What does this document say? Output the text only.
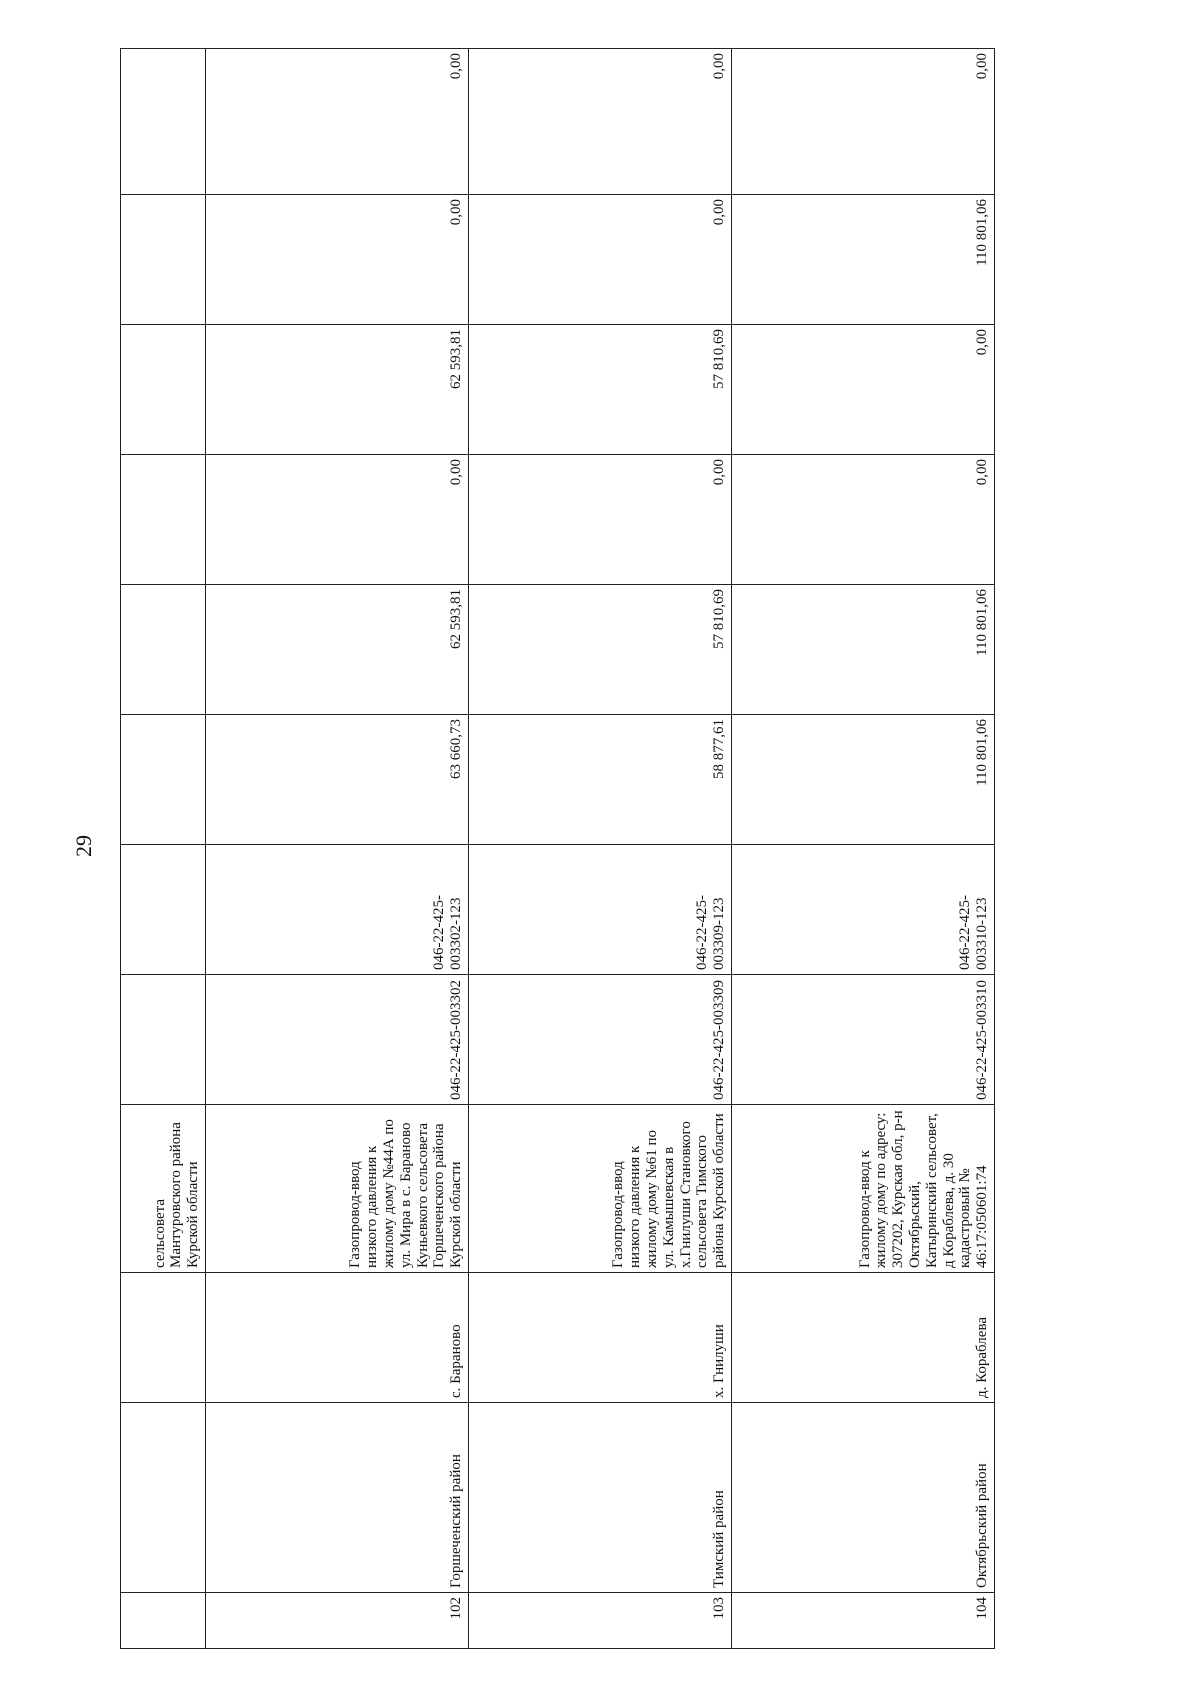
29
			сельсовета Мантуровского района Курской области								
102	Горшеченский район	с. Бараново	Газопровод-ввод низкого давления к жилому дому №44А по ул. Мира в с. Бараново Куньевкого сельсовета Горшеченского района Курской области	046-22-425-003302	046-22-425-003302-123	63 660,73	62 593,81	0,00	62 593,81	0,00	0,00
103	Тимский район	х. Гнилуши	Газопровод-ввод низкого давления к жилому дому №61 по ул. Камышевская в х.Гнилуши Становкого сельсовета Тимского района Курской области	046-22-425-003309	046-22-425-003309-123	58 877,61	57 810,69	0,00	57 810,69	0,00	0,00
104	Октябрьский район	д. Кораблева	Газопровод-ввод к жилому дому по адресу: 307202, Курская обл, р-н Октябрьский, Катыринский сельсовет, д Кораблева, д. 30 кадастровый № 46:17:050601:74	046-22-425-003310	046-22-425-003310-123	110 801,06	110 801,06	0,00	0,00	110 801,06	0,00
